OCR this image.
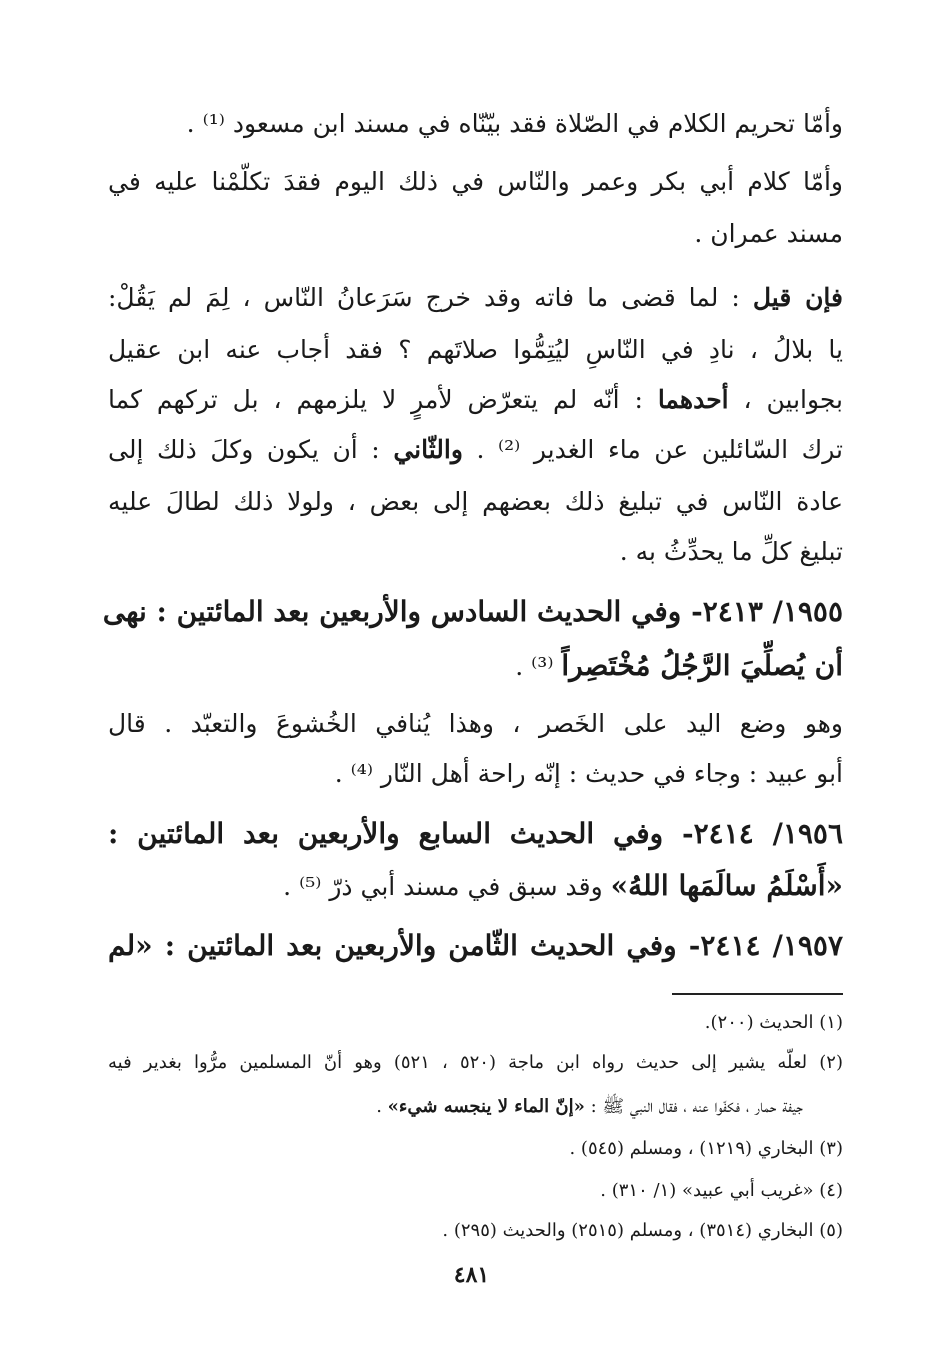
وأمّا تحريم الكلام في الصّلاة فقد بيّنّاه في مسند ابن مسعود ⁽¹⁾ .
وأمّا كلام أبي بكر وعمر والنّاس في ذلك اليوم فقدَ تكلّمْنا عليه في
مسند عمران .
فإن قيل : لما قضى ما فاته وقد خرج سَرَعانُ النّاس ، لِمَ لم يَقُلْ:
يا بلالُ ، نادِ في النّاسِ ليُتِمُّوا صلاتَهم ؟ فقد أجاب عنه ابن عقيل
بجوابين ، أحدهما : أنّه لم يتعرّض لأمرٍ لا يلزمهم ، بل تركهم كما
ترك السّائلين عن ماء الغدير ⁽²⁾ . والثّاني : أن يكون وكلَ ذلك إلى
عادة النّاس في تبليغ ذلك بعضهم إلى بعض ، ولولا ذلك لطالَ عليه
تبليغ كلِّ ما يحدِّثُ به .
١٩٥٥/ ٢٤١٣- وفي الحديث السادس والأربعين بعد المائتين : نهى
أن يُصلِّيَ الرَّجُلُ مُخْتَصِراً ⁽³⁾ .
وهو وضع اليد على الخَصر ، وهذا يُنافي الخُشوعَ والتعبّد . قال
أبو عبيد : وجاء في حديث : إنّه راحة أهل النّار ⁽⁴⁾ .
١٩٥٦/ ٢٤١٤- وفي الحديث السابع والأربعين بعد المائتين :
«أَسْلَمُ سالَمَها اللهُ» وقد سبق في مسند أبي ذرّ ⁽⁵⁾ .
١٩٥٧/ ٢٤١٤- وفي الحديث الثّامن والأربعين بعد المائتين : «لم
(١) الحديث (٢٠٠).
(٢) لعلّه يشير إلى حديث رواه ابن ماجة (٥٢٠ ، ٥٢١) وهو أنّ المسلمين مرُّوا بغدير فيه
جيفة حمار ، فكفّوا عنه ، فقال النبي ﷺ : «إنّ الماء لا ينجسه شيء» .
(٣) البخاري (١٢١٩) ، ومسلم (٥٤٥) .
(٤) «غريب أبي عبيد» (١/ ٣١٠) .
(٥) البخاري (٣٥١٤) ، ومسلم (٢٥١٥) والحديث (٢٩٥) .
٤٨١
